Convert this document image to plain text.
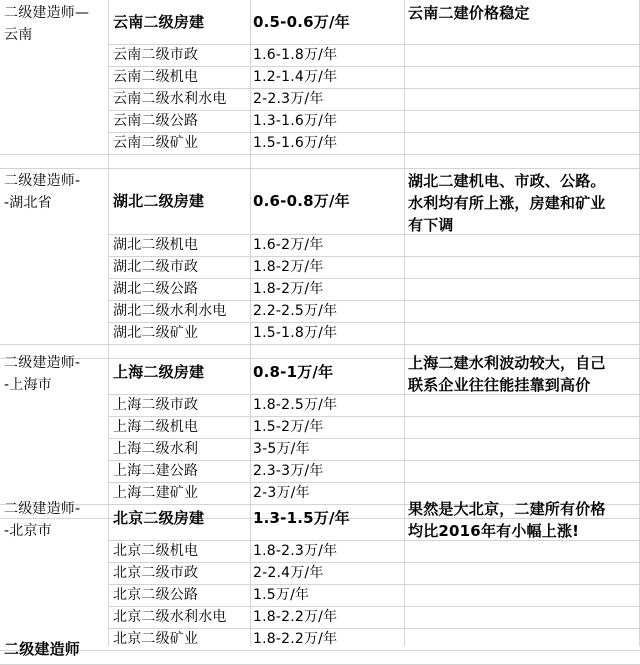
二级建造师—
云南
云南二建价格稳定
云南二级房建	0.5-0.6万/年
云南二级市政	1.6-1.8万/年
云南二级机电	1.2-1.4万/年
云南二级水利水电	2-2.3万/年
云南二级公路	1.3-1.6万/年
云南二级矿业	1.5-1.6万/年
二级建造师-
-湖北省
湖北二建机电、市政、公路。
水利均有所上涨，房建和矿业
有下调
湖北二级房建	0.6-0.8万/年
湖北二级机电	1.6-2万/年
湖北二级市政	1.8-2万/年
湖北二级公路	1.8-2万/年
湖北二级水利水电	2.2-2.5万/年
湖北二级矿业	1.5-1.8万/年
二级建造师-
-上海市
上海二建水利波动较大，自己
联系企业往往能挂靠到高价
上海二级房建	0.8-1万/年
上海二级市政	1.8-2.5万/年
上海二级机电	1.5-2万/年
上海二级水利	3-5万/年
上海二建公路	2.3-3万/年
上海二建矿业	2-3万/年
二级建造师-
-北京市
果然是大北京，二建所有价格
均比2016年有小幅上涨!
北京二级房建	1.3-1.5万/年
北京二级机电	1.8-2.3万/年
北京二级市政	2-2.4万/年
北京二级公路	1.5万/年
北京二级水利水电	1.8-2.2万/年
北京二级矿业	1.8-2.2万/年
二级建造师
